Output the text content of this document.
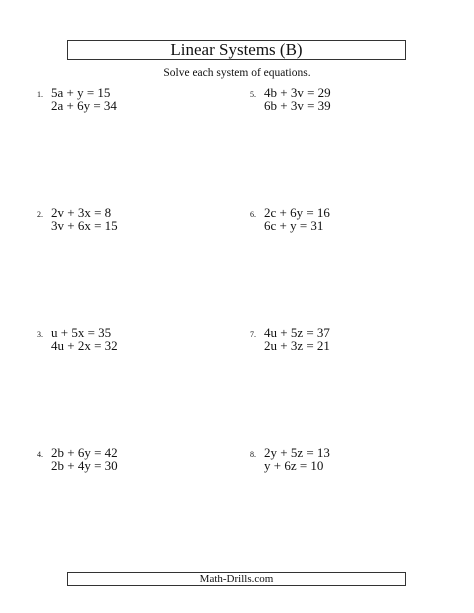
Linear Systems (B)
Solve each system of equations.
1. 5a + y = 15
2a + 6y = 34
2. 2v + 3x = 8
3v + 6x = 15
3. u + 5x = 35
4u + 2x = 32
4. 2b + 6y = 42
2b + 4y = 30
5. 4b + 3v = 29
6b + 3v = 39
6. 2c + 6y = 16
6c + y = 31
7. 4u + 5z = 37
2u + 3z = 21
8. 2y + 5z = 13
y + 6z = 10
Math-Drills.com
